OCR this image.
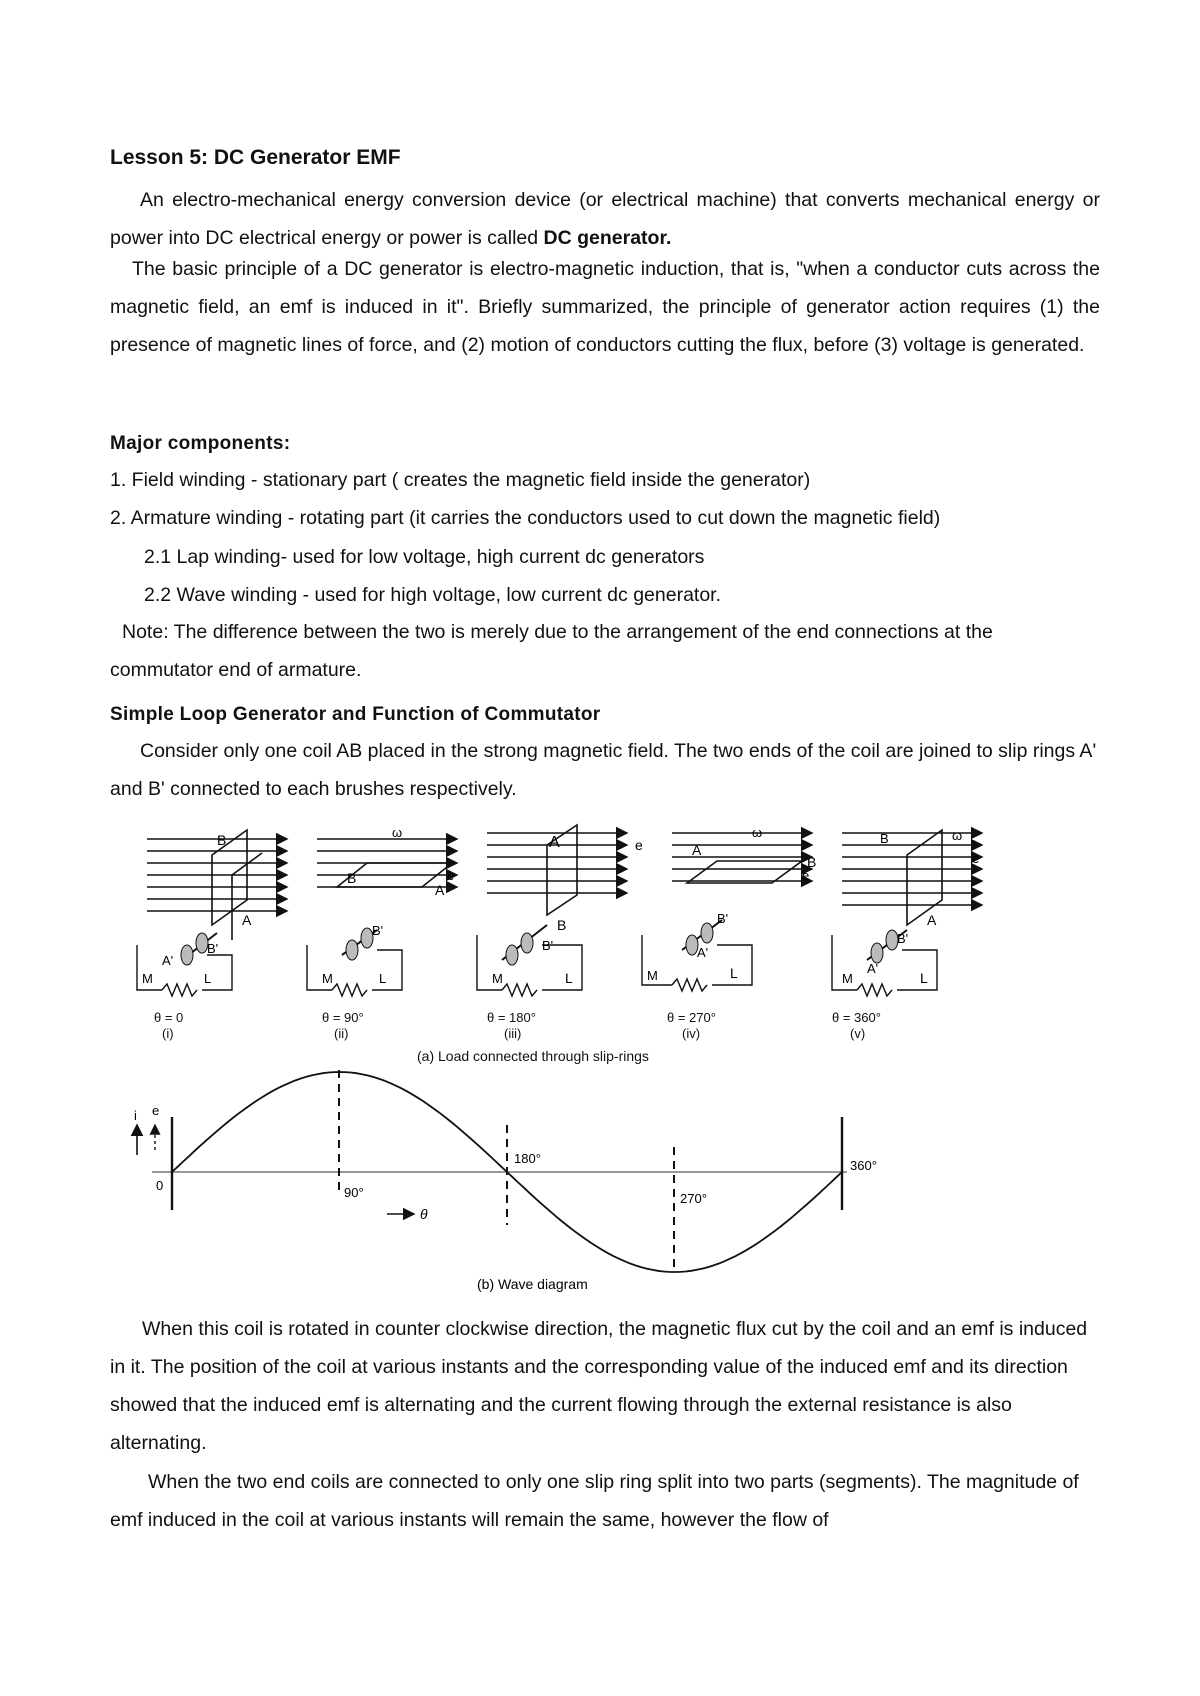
Lesson 5: DC Generator EMF
An electro-mechanical energy conversion device (or electrical machine) that converts mechanical energy or power into DC electrical energy or power is called DC generator.
The basic principle of a DC generator is electro-magnetic induction, that is, "when a conductor cuts across the magnetic field, an emf is induced in it". Briefly summarized, the principle of generator action requires (1) the presence of magnetic lines of force, and (2) motion of conductors cutting the flux, before (3) voltage is generated.
Major components:
1. Field winding - stationary part ( creates the magnetic field inside the generator)
2. Armature winding - rotating part (it carries the conductors used to cut down the magnetic field)
2.1 Lap winding- used for low voltage, high current dc generators
2.2 Wave winding - used for high voltage, low current dc generator.
Note: The difference between the two is merely due to the arrangement of the end connections at the commutator end of armature.
Simple Loop Generator and Function of Commutator
Consider only one coil AB placed in the strong magnetic field. The two ends of the coil are joined to slip rings A' and B' connected to each brushes respectively.
When this coil is rotated in counter clockwise direction, the magnetic flux cut by the coil and an emf is induced in it. The position of the coil at various instants and the corresponding value of the induced emf and its direction showed that the induced emf is alternating and the current flowing through the external resistance is also alternating.
When the two end coils are connected to only one slip ring split into two parts (segments). The magnitude of emf induced in the coil at various instants will remain the same, however the flow of
B
A
B'
A'
M	L
B
A
ω
e
B'
M	L
A
B
B'
e
M	L
A
ω
B
e
B'
A'
M	L
B	ω
e
A
B'
A'
M	L
θ = 0
(i)
θ = 90°
(ii)
θ = 180°
(iii)
θ = 270°
(iv)
θ = 360°
(v)
(a) Load connected through slip-rings
i e
0	90°
180°
270°
360°
θ
(b) Wave diagram
